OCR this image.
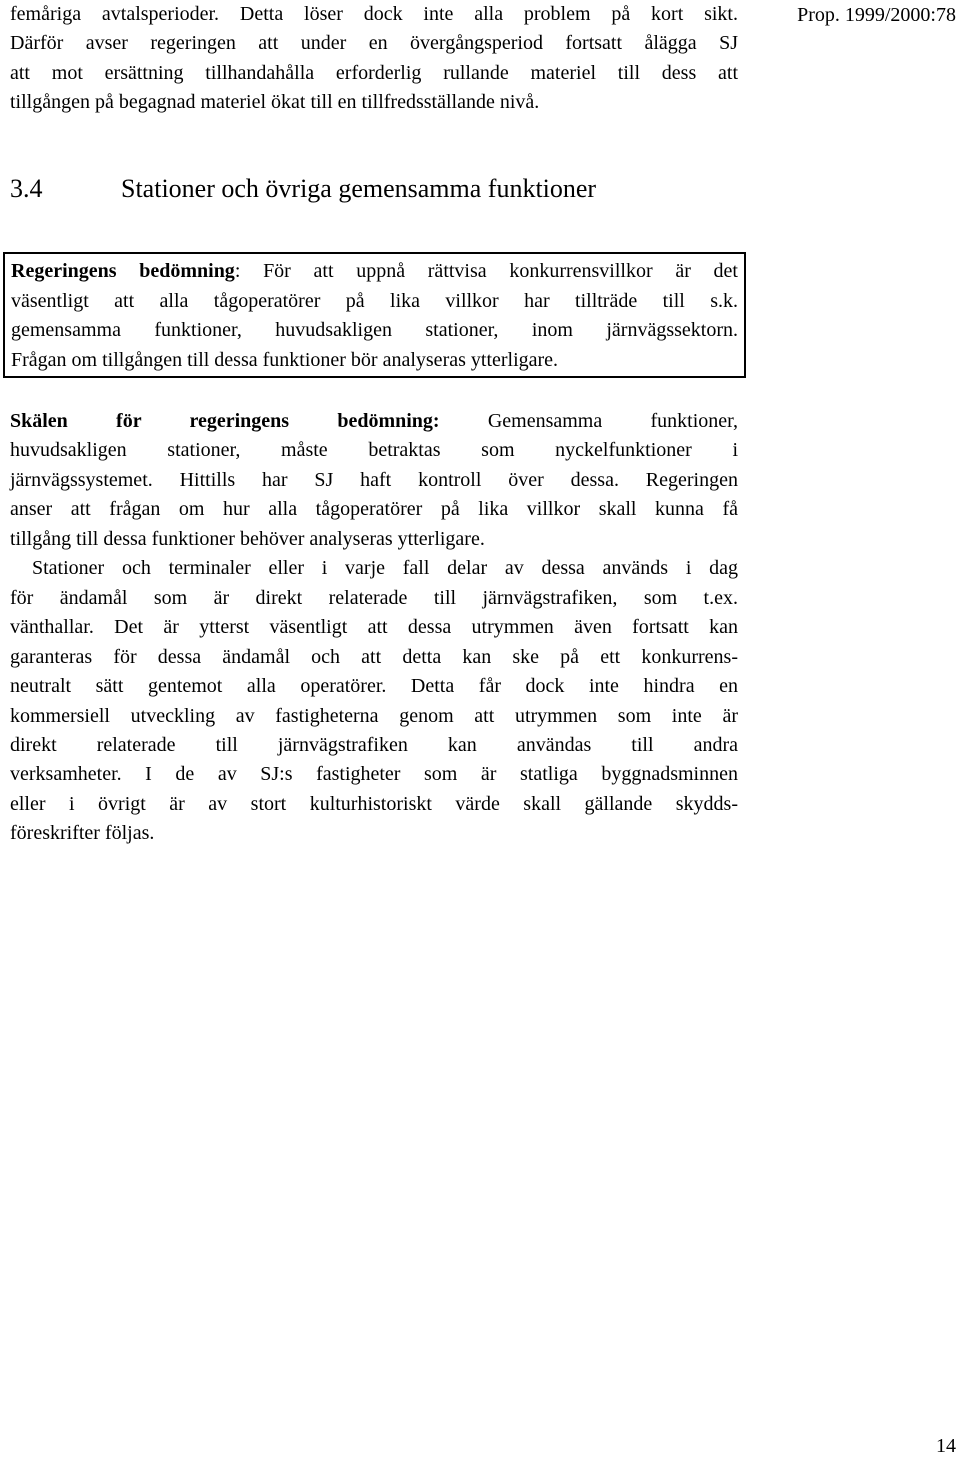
Prop. 1999/2000:78
femåriga avtalsperioder. Detta löser dock inte alla problem på kort sikt.
Därför avser regeringen att under en övergångsperiod fortsatt ålägga SJ
att mot ersättning tillhandahålla erforderlig rullande materiel till dess att
tillgången på begagnad materiel ökat till en tillfredsställande nivå.
3.4	Stationer och övriga gemensamma funktioner
Regeringens bedömning: För att uppnå rättvisa konkurrensvillkor är det
väsentligt att alla tågoperatörer på lika villkor har tillträde till s.k.
gemensamma funktioner, huvudsakligen stationer, inom järnvägssektorn.
Frågan om tillgången till dessa funktioner bör analyseras ytterligare.
Skälen för regeringens bedömning: Gemensamma funktioner,
huvudsakligen stationer, måste betraktas som nyckelfunktioner i
järnvägssystemet. Hittills har SJ haft kontroll över dessa. Regeringen
anser att frågan om hur alla tågoperatörer på lika villkor skall kunna få
tillgång till dessa funktioner behöver analyseras ytterligare.
Stationer och terminaler eller i varje fall delar av dessa används i dag
för ändamål som är direkt relaterade till järnvägstrafiken, som t.ex.
vänthallar. Det är ytterst väsentligt att dessa utrymmen även fortsatt kan
garanteras för dessa ändamål och att detta kan ske på ett konkurrens-
neutralt sätt gentemot alla operatörer. Detta får dock inte hindra en
kommersiell utveckling av fastigheterna genom att utrymmen som inte är
direkt relaterade till järnvägstrafiken kan användas till andra
verksamheter. I de av SJ:s fastigheter som är statliga byggnadsminnen
eller i övrigt är av stort kulturhistoriskt värde skall gällande skydds-
föreskrifter följas.
14
